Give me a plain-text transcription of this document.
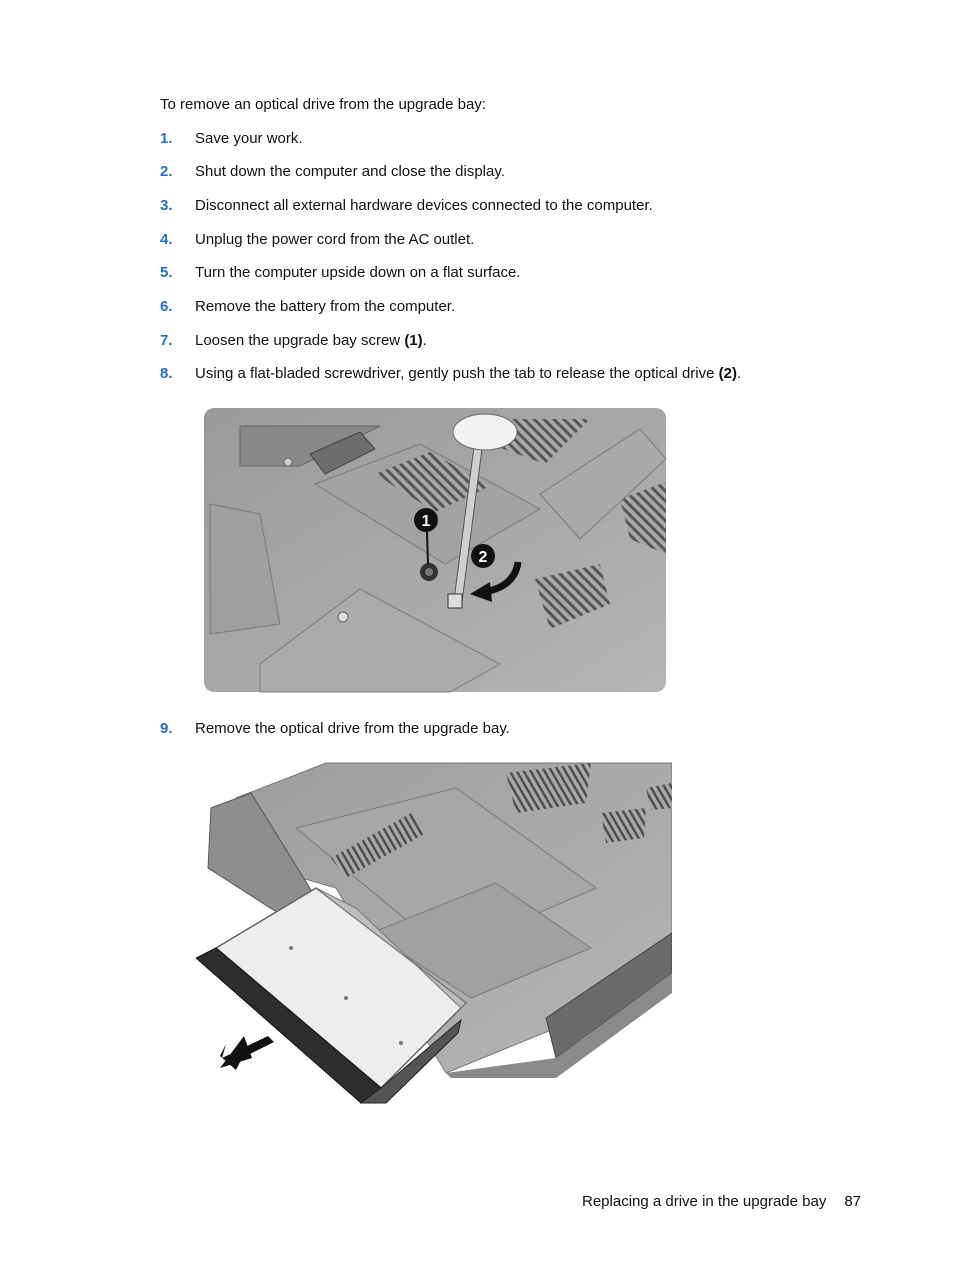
To remove an optical drive from the upgrade bay:
1. Save your work.
2. Shut down the computer and close the display.
3. Disconnect all external hardware devices connected to the computer.
4. Unplug the power cord from the AC outlet.
5. Turn the computer upside down on a flat surface.
6. Remove the battery from the computer.
7. Loosen the upgrade bay screw (1).
8. Using a flat-bladed screwdriver, gently push the tab to release the optical drive (2).
1
2
9. Remove the optical drive from the upgrade bay.
Replacing a drive in the upgrade bay 87
